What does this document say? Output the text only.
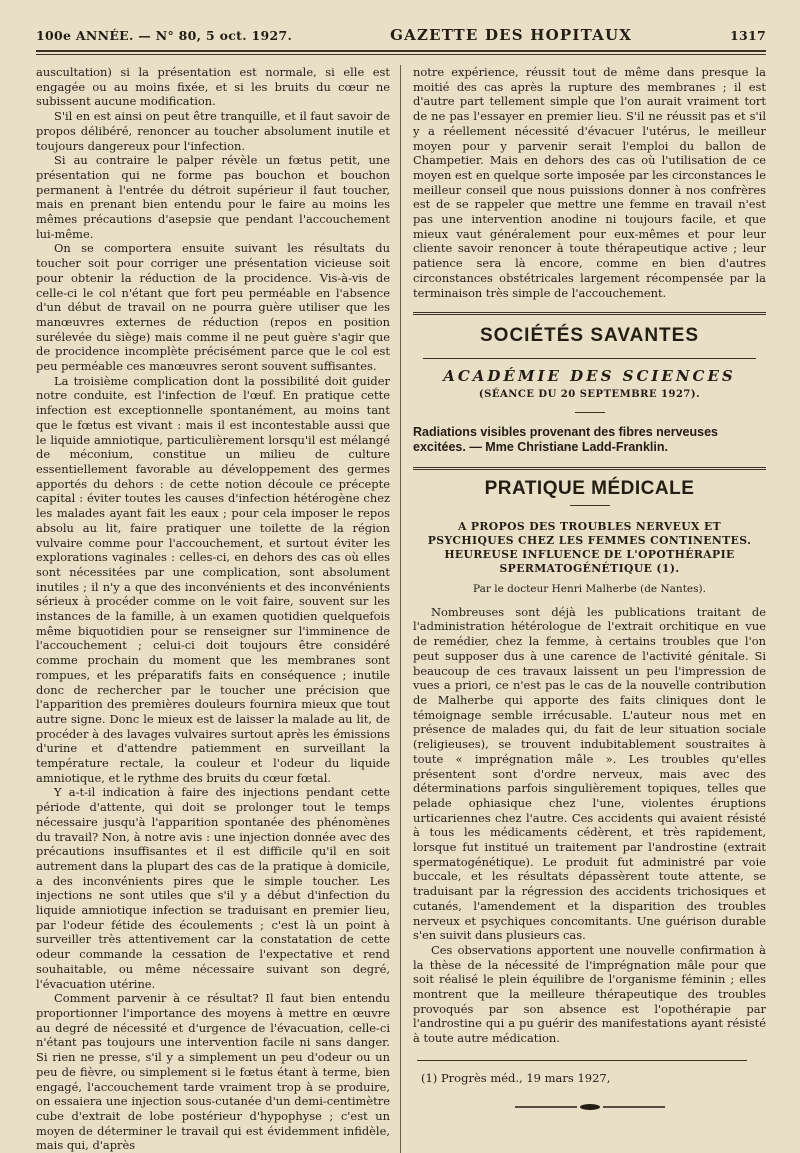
100e ANNÉE. — N° 80, 5 oct. 1927.	GAZETTE DES HOPITAUX	1317

auscultation) si la présentation est normale, si elle est engagée ou au moins fixée, et si les bruits du cœur ne subissent aucune modification.

S'il en est ainsi on peut être tranquille, et il faut savoir de propos délibéré, renoncer au toucher absolument inutile et toujours dangereux pour l'infection.

Si au contraire le palper révèle un fœtus petit, une présentation qui ne forme pas bouchon et bouchon permanent à l'entrée du détroit supérieur il faut toucher, mais en prenant bien entendu pour le faire au moins les mêmes précautions d'asepsie que pendant l'accouchement lui-même.

On se comportera ensuite suivant les résultats du toucher soit pour corriger une présentation vicieuse soit pour obtenir la réduction de la procidence. Vis-à-vis de celle-ci le col n'étant que fort peu perméable en l'absence d'un début de travail on ne pourra guère utiliser que les manœuvres externes de réduction (repos en position surélevée du siège) mais comme il ne peut guère s'agir que de procidence incomplète précisément parce que le col est peu perméable ces manœuvres seront souvent suffisantes.

La troisième complication dont la possibilité doit guider notre conduite, est l'infection de l'œuf. En pratique cette infection est exceptionnelle spontanément, au moins tant que le fœtus est vivant : mais il est incontestable aussi que le liquide amniotique, particulièrement lorsqu'il est mélangé de méconium, constitue un milieu de culture essentiellement favorable au développement des germes apportés du dehors : de cette notion découle ce précepte capital : éviter toutes les causes d'infection hétérogène chez les malades ayant fait les eaux ; pour cela imposer le repos absolu au lit, faire pratiquer une toilette de la région vulvaire comme pour l'accouchement, et surtout éviter les explorations vaginales : celles-ci, en dehors des cas où elles sont nécessitées par une complication, sont absolument inutiles ; il n'y a que des inconvénients et des inconvénients sérieux à procéder comme on le voit faire, souvent sur les instances de la famille, à un examen quotidien quelquefois même biquotidien pour se renseigner sur l'imminence de l'accouchement ; celui-ci doit toujours être considéré comme prochain du moment que les membranes sont rompues, et les préparatifs faits en conséquence ; inutile donc de rechercher par le toucher une précision que l'apparition des premières douleurs fournira mieux que tout autre signe. Donc le mieux est de laisser la malade au lit, de procéder à des lavages vulvaires surtout après les émissions d'urine et d'attendre patiemment en surveillant la température rectale, la couleur et l'odeur du liquide amniotique, et le rythme des bruits du cœur fœtal.

Y a-t-il indication à faire des injections pendant cette période d'attente, qui doit se prolonger tout le temps nécessaire jusqu'à l'apparition spontanée des phénomènes du travail? Non, à notre avis : une injection donnée avec des précautions insuffisantes et il est difficile qu'il en soit autrement dans la plupart des cas de la pratique à domicile, a des inconvénients pires que le simple toucher. Les injections ne sont utiles que s'il y a début d'infection du liquide amniotique infection se traduisant en premier lieu, par l'odeur fétide des écoulements ; c'est là un point à surveiller très attentivement car la constatation de cette odeur commande la cessation de l'expectative et rend souhaitable, ou même nécessaire suivant son degré, l'évacuation utérine.

Comment parvenir à ce résultat? Il faut bien entendu proportionner l'importance des moyens à mettre en œuvre au degré de nécessité et d'urgence de l'évacuation, celle-ci n'étant pas toujours une intervention facile ni sans danger. Si rien ne presse, s'il y a simplement un peu d'odeur ou un peu de fièvre, ou simplement si le fœtus étant à terme, bien engagé, l'accouchement tarde vraiment trop à se produire, on essaiera une injection sous-cutanée d'un demi-centimètre cube d'extrait de lobe postérieur d'hypophyse ; c'est un moyen de déterminer le travail qui est évidemment infidèle, mais qui, d'après

notre expérience, réussit tout de même dans presque la moitié des cas après la rupture des membranes ; il est d'autre part tellement simple que l'on aurait vraiment tort de ne pas l'essayer en premier lieu. S'il ne réussit pas et s'il y a réellement nécessité d'évacuer l'utérus, le meilleur moyen pour y parvenir serait l'emploi du ballon de Champetier. Mais en dehors des cas où l'utilisation de ce moyen est en quelque sorte imposée par les circonstances le meilleur conseil que nous puissions donner à nos confrères est de se rappeler que mettre une femme en travail n'est pas une intervention anodine ni toujours facile, et que mieux vaut généralement pour eux-mêmes et pour leur cliente savoir renoncer à toute thérapeutique active ; leur patience sera là encore, comme en bien d'autres circonstances obstétricales largement récompensée par la terminaison très simple de l'accouchement.

SOCIÉTÉS SAVANTES
ACADÉMIE DES SCIENCES
(SÉANCE DU 20 SEPTEMBRE 1927).

Radiations visibles provenant des fibres nerveuses excitées. — Mme Christiane Ladd-Franklin.

PRATIQUE MÉDICALE
A PROPOS DES TROUBLES NERVEUX ET PSYCHIQUES CHEZ LES FEMMES CONTINENTES. HEUREUSE INFLUENCE DE L'OPOTHÉRAPIE SPERMATOGÉNÉTIQUE (1).
Par le docteur Henri Malherbe (de Nantes).

Nombreuses sont déjà les publications traitant de l'administration hétérologue de l'extrait orchitique en vue de remédier, chez la femme, à certains troubles que l'on peut supposer dus à une carence de l'activité génitale. Si beaucoup de ces travaux laissent un peu l'impression de vues a priori, ce n'est pas le cas de la nouvelle contribution de Malherbe qui apporte des faits cliniques dont le témoignage semble irrécusable. L'auteur nous met en présence de malades qui, du fait de leur situation sociale (religieuses), se trouvent indubitablement soustraites à toute « imprégnation mâle ». Les troubles qu'elles présentent sont d'ordre nerveux, mais avec des déterminations parfois singulièrement topiques, telles que pelade ophiasique chez l'une, violentes éruptions urticariennes chez l'autre. Ces accidents qui avaient résisté à tous les médicaments cédèrent, et très rapidement, lorsque fut institué un traitement par l'androstine (extrait spermatogénétique). Le produit fut administré par voie buccale, et les résultats dépassèrent toute attente, se traduisant par la régression des accidents trichosiques et cutanés, l'amendement et la disparition des troubles nerveux et psychiques concomitants. Une guérison durable s'en suivit dans plusieurs cas.

Ces observations apportent une nouvelle confirmation à la thèse de la nécessité de l'imprégnation mâle pour que soit réalisé le plein équilibre de l'organisme féminin ; elles montrent que la meilleure thérapeutique des troubles provoqués par son absence est l'opothérapie par l'androstine qui a pu guérir des manifestations ayant résisté à toute autre médication.

(1) Progrès méd., 19 mars 1927,
